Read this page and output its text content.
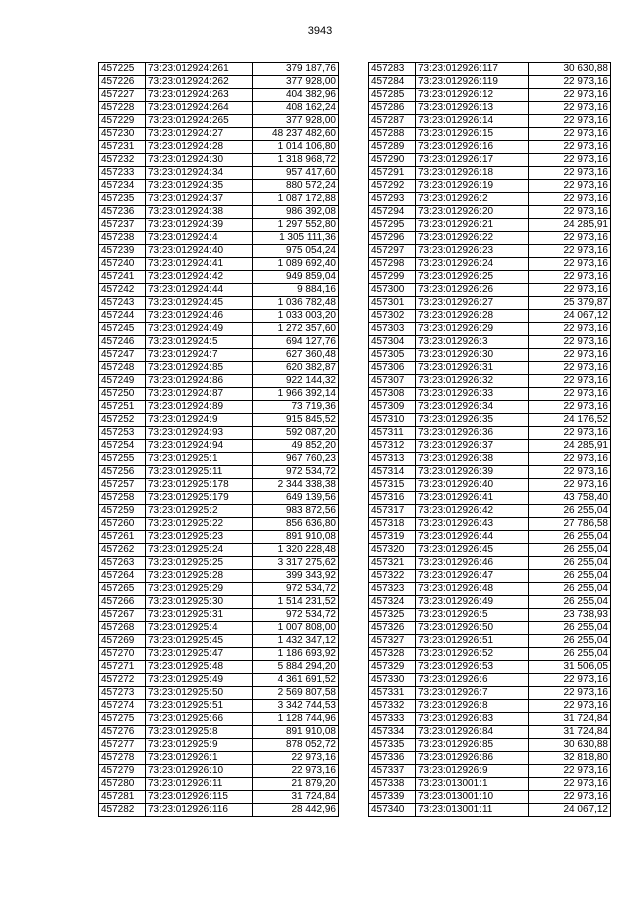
3943
457225	73:23:012924:261	379 187,76
457226	73:23:012924:262	377 928,00
457227	73:23:012924:263	404 382,96
457228	73:23:012924:264	408 162,24
457229	73:23:012924:265	377 928,00
457230	73:23:012924:27	48 237 482,60
457231	73:23:012924:28	1 014 106,80
457232	73:23:012924:30	1 318 968,72
457233	73:23:012924:34	957 417,60
457234	73:23:012924:35	880 572,24
457235	73:23:012924:37	1 087 172,88
457236	73:23:012924:38	986 392,08
457237	73:23:012924:39	1 297 552,80
457238	73:23:012924:4	1 305 111,36
457239	73:23:012924:40	975 054,24
457240	73:23:012924:41	1 089 692,40
457241	73:23:012924:42	949 859,04
457242	73:23:012924:44	9 884,16
457243	73:23:012924:45	1 036 782,48
457244	73:23:012924:46	1 033 003,20
457245	73:23:012924:49	1 272 357,60
457246	73:23:012924:5	694 127,76
457247	73:23:012924:7	627 360,48
457248	73:23:012924:85	620 382,87
457249	73:23:012924:86	922 144,32
457250	73:23:012924:87	1 966 392,14
457251	73:23:012924:89	73 719,36
457252	73:23:012924:9	915 845,52
457253	73:23:012924:93	592 087,20
457254	73:23:012924:94	49 852,20
457255	73:23:012925:1	967 760,23
457256	73:23:012925:11	972 534,72
457257	73:23:012925:178	2 344 338,38
457258	73:23:012925:179	649 139,56
457259	73:23:012925:2	983 872,56
457260	73:23:012925:22	856 636,80
457261	73:23:012925:23	891 910,08
457262	73:23:012925:24	1 320 228,48
457263	73:23:012925:25	3 317 275,62
457264	73:23:012925:28	399 343,92
457265	73:23:012925:29	972 534,72
457266	73:23:012925:30	1 514 231,52
457267	73:23:012925:31	972 534,72
457268	73:23:012925:4	1 007 808,00
457269	73:23:012925:45	1 432 347,12
457270	73:23:012925:47	1 186 693,92
457271	73:23:012925:48	5 884 294,20
457272	73:23:012925:49	4 361 691,52
457273	73:23:012925:50	2 569 807,58
457274	73:23:012925:51	3 342 744,53
457275	73:23:012925:66	1 128 744,96
457276	73:23:012925:8	891 910,08
457277	73:23:012925:9	878 052,72
457278	73:23:012926:1	22 973,16
457279	73:23:012926:10	22 973,16
457280	73:23:012926:11	21 879,20
457281	73:23:012926:115	31 724,84
457282	73:23:012926:116	28 442,96
457283	73:23:012926:117	30 630,88
457284	73:23:012926:119	22 973,16
457285	73:23:012926:12	22 973,16
457286	73:23:012926:13	22 973,16
457287	73:23:012926:14	22 973,16
457288	73:23:012926:15	22 973,16
457289	73:23:012926:16	22 973,16
457290	73:23:012926:17	22 973,16
457291	73:23:012926:18	22 973,16
457292	73:23:012926:19	22 973,16
457293	73:23:012926:2	22 973,16
457294	73:23:012926:20	22 973,16
457295	73:23:012926:21	24 285,91
457296	73:23:012926:22	22 973,16
457297	73:23:012926:23	22 973,16
457298	73:23:012926:24	22 973,16
457299	73:23:012926:25	22 973,16
457300	73:23:012926:26	22 973,16
457301	73:23:012926:27	25 379,87
457302	73:23:012926:28	24 067,12
457303	73:23:012926:29	22 973,16
457304	73:23:012926:3	22 973,16
457305	73:23:012926:30	22 973,16
457306	73:23:012926:31	22 973,16
457307	73:23:012926:32	22 973,16
457308	73:23:012926:33	22 973,16
457309	73:23:012926:34	22 973,16
457310	73:23:012926:35	24 176,52
457311	73:23:012926:36	22 973,16
457312	73:23:012926:37	24 285,91
457313	73:23:012926:38	22 973,16
457314	73:23:012926:39	22 973,16
457315	73:23:012926:40	22 973,16
457316	73:23:012926:41	43 758,40
457317	73:23:012926:42	26 255,04
457318	73:23:012926:43	27 786,58
457319	73:23:012926:44	26 255,04
457320	73:23:012926:45	26 255,04
457321	73:23:012926:46	26 255,04
457322	73:23:012926:47	26 255,04
457323	73:23:012926:48	26 255,04
457324	73:23:012926:49	26 255,04
457325	73:23:012926:5	23 738,93
457326	73:23:012926:50	26 255,04
457327	73:23:012926:51	26 255,04
457328	73:23:012926:52	26 255,04
457329	73:23:012926:53	31 506,05
457330	73:23:012926:6	22 973,16
457331	73:23:012926:7	22 973,16
457332	73:23:012926:8	22 973,16
457333	73:23:012926:83	31 724,84
457334	73:23:012926:84	31 724,84
457335	73:23:012926:85	30 630,88
457336	73:23:012926:86	32 818,80
457337	73:23:012926:9	22 973,16
457338	73:23:013001:1	22 973,16
457339	73:23:013001:10	22 973,16
457340	73:23:013001:11	24 067,12
